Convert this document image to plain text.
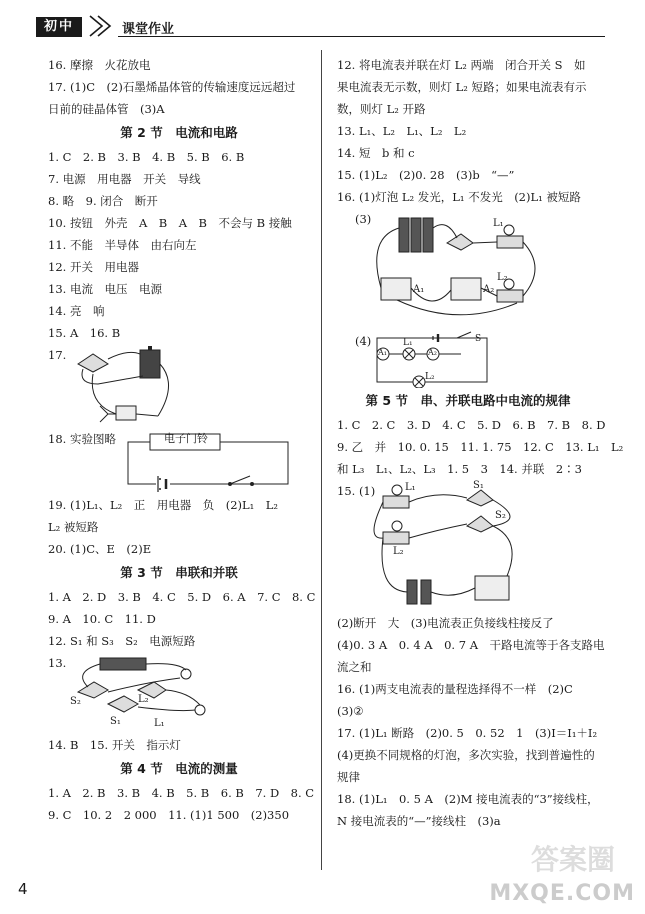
初中	课堂作业
16. 摩擦　火花放电
17. (1)C　(2)石墨烯晶体管的传输速度远远超过
日前的硅晶体管　(3)A
第 2 节　电流和电路
1. C　2. B　3. B　4. B　5. B　6. B
7. 电源　用电器　开关　导线
8. 略　9. 闭合　断开
10. 按钮　外壳　A　B　A　B　不会与 B 接触
11. 不能　半导体　由右向左
12. 开关　用电器
13. 电流　电压　电源
14. 亮　响
15. A　16. B
17.
18. 实验图略	电子门铃
19. (1)L₁、L₂　正　用电器　负　(2)L₁　L₂
L₂ 被短路
20. (1)C、E　(2)E
第 3 节　串联和并联
1. A　2. D　3. B　4. C　5. D　6. A　7. C　8. C
9. A　10. C　11. D
12. S₁ 和 S₃　S₂　电源短路
13.
S₂
S₁
L₂
L₁
14. B　15. 开关　指示灯
第 4 节　电流的测量
1. A　2. B　3. B　4. B　5. B　6. B　7. D　8. C
9. C　10. 2　2 000　11. (1)1 500　(2)350
12. 将电流表并联在灯 L₂ 两端　闭合开关 S　如
果电流表无示数，则灯 L₂ 短路；如果电流表有示
数，则灯 L₂ 开路
13. L₁、L₂　L₁、L₂　L₂
14. 短　b 和 c
15. (1)L₂　(2)0. 28　(3)b　“—”
16. (1)灯泡 L₂ 发光，L₁ 不发光　(2)L₁ 被短路
(3)	L₁
A₁	A₂
L₂
(4)
A₁
L₁
A₂
S
L₂
第 5 节　串、并联电路中电流的规律
1. C　2. C　3. D　4. C　5. D　6. B　7. B　8. D
9. 乙　并　10. 0. 15　11. 1. 75　12. C　13. L₁　L₂
和 L₃　L₁、L₂、L₃　1. 5　3　14. 并联　2∶3
15. (1)	L₁	S₁
S₂
L₂
(2)断开　大　(3)电流表正负接线柱接反了
(4)0. 3 A　0. 4 A　0. 7 A　干路电流等于各支路电
流之和
16. (1)两支电流表的量程选择得不一样　(2)C
(3)②
17. (1)L₁ 断路　(2)0. 5　0. 52　1　(3)I＝I₁＋I₂
(4)更换不同规格的灯泡，多次实验，找到普遍性的
规律
18. (1)L₁　0. 5 A　(2)M 接电流表的“3”接线柱，
N 接电流表的“—”接线柱　(3)a
4
答案圈
MXQE.COM
